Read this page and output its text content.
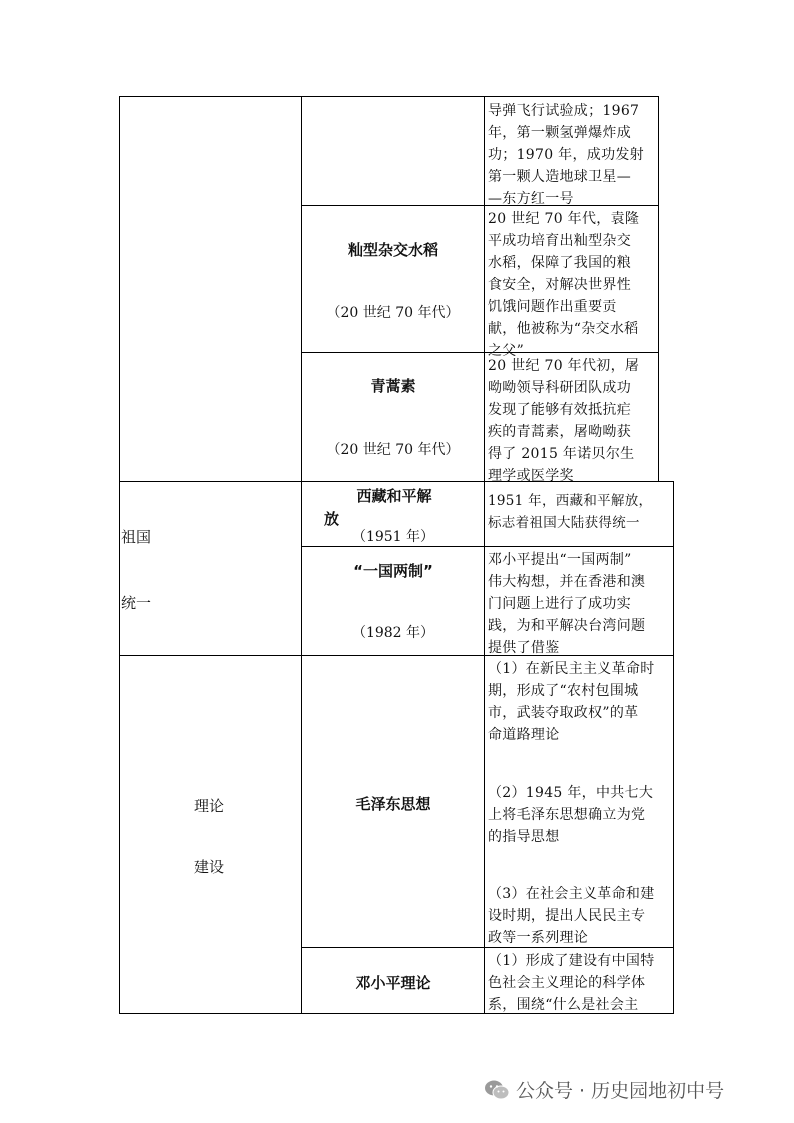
导弹飞行试验成；1967

年，第一颗氢弹爆炸成

功；1970 年，成功发射

第一颗人造地球卫星—

—东方红一号

籼型杂交水稻
（20 世纪 70 年代）

20 世纪 70 年代，袁隆

平成功培育出籼型杂交

水稻，保障了我国的粮

食安全，对解决世界性

饥饿问题作出重要贡

献，他被称为“杂交水稻

之父”

青蒿素
（20 世纪 70 年代）

20 世纪 70 年代初，屠

呦呦领导科研团队成功

发现了能够有效抵抗疟

疾的青蒿素，屠呦呦获

得了 2015 年诺贝尔生

理学或医学奖

祖国
统一
西藏和平解
放
（1951 年）

1951 年，西藏和平解放，

标志着祖国大陆获得统一

“一国两制”
（1982 年）

邓小平提出“一国两制”

伟大构想，并在香港和澳

门问题上进行了成功实

践，为和平解决台湾问题

提供了借鉴

理论
建设
毛泽东思想

（1）在新民主主义革命时

期，形成了“农村包围城

市，武装夺取政权”的革

命道路理论

（2）1945 年，中共七大

上将毛泽东思想确立为党

的指导思想

（3）在社会主义革命和建

设时期，提出人民民主专

政等一系列理论

邓小平理论

（1）形成了建设有中国特

色社会主义理论的科学体

系，围绕“什么是社会主

公众号 · 历史园地初中号
